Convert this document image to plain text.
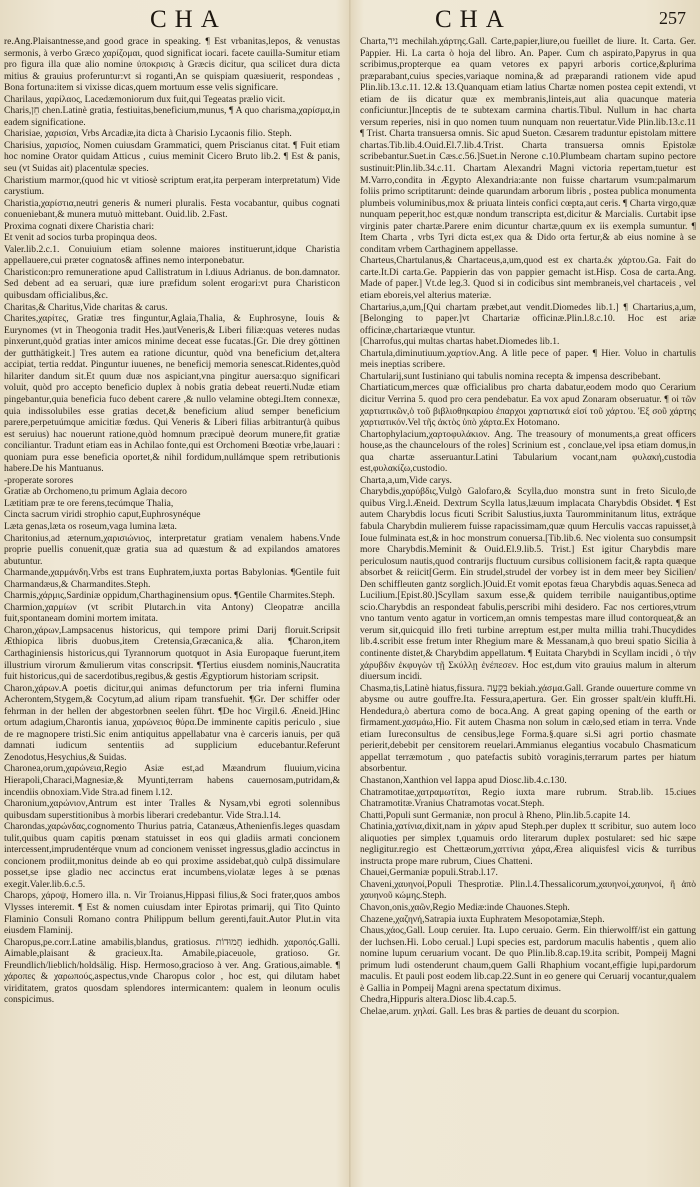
CHA	CHA	257

re.Ang.Plaisantnesse,and good grace in speaking. ¶ Est vrbanitas,lepos, & venustas sermonis, à verbo Græco χαρίζομαι, quod significat iocari. facete cauilla-Sumitur etiam pro figura illa quæ alio nomine ὑποκρισις à Græcis dicitur, qua scilicet dura dicta mitius & grauius proferuntur:vt si roganti,An se quispiam quæsiuerit, respondeas , Bona fortuna:item si vixisse dicas,quem mortuum esse velis significare.

Charilaus, χαρίλαος, Lacedæmoniorum dux fuit,qui Tegeatas prælio vicit.

Charis,חֵן chen.Latinè gratia, festiuitas,beneficium,munus, ¶ A quo charisma,χαρίσμα,in eadem significatione.

Charisiae, χαρισίαι, Vrbs Arcadiæ,ita dicta à Charisio Lycaonis filio. Steph.

Charisius, χαρισίος, Nomen cuiusdam Grammatici, quem Priscianus citat. ¶ Fuit etiam hoc nomine Orator quidam Atticus , cuius meminit Cicero Bruto lib.2. ¶ Est & panis, seu (vt Suidas ait) placentulæ species.

Charistium marmor,(quod hic vt vitiosè scriptum erat,ita perperam interpretatum) Vide carystium.

Charistia,χαρίστια,neutri generis & numeri pluralis. Festa vocabantur, quibus cognati conueniebant,& munera mutuò mittebant. Ouid.lib. 2.Fast.

Proxima cognati dixere Charistia chari:

Et venit ad socios turba propinqua deos.

Valer.lib.2.c.1. Conuiuium etiam solenne maiores instituerunt,idque Charistia appellauere,cui præter cognatos& affines nemo interponebatur.

Charisticon:pro remuneratione apud Callistratum in l.diuus Adrianus. de bon.damnator. Sed debent ad ea seruari, quæ iure præfidum solent erogari:vt pura Charisticon quibusdam officialibus,&c.

Charitas,& Charitus,Vide charitas & carus.

Charites,χαρίτες, Gratiæ tres finguntur,Aglaia,Thalia, & Euphrosyne, Iouis & Eurynomes (vt in Theogonia tradit Hes.)autVeneris,& Liberi filiæ:quas veteres nudas pinxerunt,quòd gratias inter amicos minime deceat esse fucatas.[Gr. Die drey göttinen der gutthätigkeit.] Tres autem ea ratione dicuntur, quòd vna beneficium det,altera accipiat, tertia reddat. Pinguntur iuuenes, ne beneficij memoria senescat.Ridentes,quòd hilariter dandum sit.Et quum duæ nos aspiciant,vna pingitur auersa:quo significari voluit, quòd pro accepto beneficio duplex à nobis gratia debeat reuerti.Nudæ etiam pingebantur,quia beneficia fuco debent carere ,& nullo velamine obtegi.Item connexæ, quia indissolubiles esse gratias decet,& beneficium aliud semper beneficium parere,perpetuúmque amicitiæ fœdus. Qui Veneris & Liberi filias arbitrantur(à quibus est seruius) hac nouerunt ratione,quòd homnum præcipuè deorum munere,fit gratiæ conciliantur. Tradunt etiam eas in Achilao fonte,qui est Orchomeni Bœotiæ vrbe,lauari : quoniam pura esse beneficia oportet,& nihil fordidum,nullámque spem retributionis habere.De his Mantuanus.

-properate sorores

Gratiæ ab Orchomeno,tu primum Aglaia decoro

Lætitiam præ te ore ferens,tecúmque Thalia,

Cincta sacrum viridi strophio caput,Euphrosynéque

Læta genas,læta os roseum,vaga lumina læta.

Charitonius,ad æternum,χαρισιώνιος, interpretatur gratiam venalem habens.Vnde proprie puellis conuenit,quæ gratia sua ad quæstum & ad expilandos amatores abutuntur.

Charmande,χαρμάνδη.Vrbs est trans Euphratem,iuxta portas Babylonias. ¶Gentile fuit Charmandæus,& Charmandites.Steph.

Charmis,χάρμις,Sardiniæ oppidum,Charthaginensium opus. ¶Gentile Charmites.Steph.

Charmion,χαρμίων (vt scribit Plutarch.in vita Antony) Cleopatræ ancilla fuit,spontaneam domini mortem imitata.

Charon,χάρων,Lampsacenus historicus, qui tempore primi Darij floruit.Scripsit Æthiopica libris duobus,item Cretensia,Græcanica,& alia. ¶Charon,item Carthaginiensis historicus,qui Tyrannorum quotquot in Asia Europaque fuerunt,item illustrium virorum &mulierum vitas conscripsit. ¶Tertius eiusdem nominis,Naucratita fuit historicus,qui de sacerdotibus,regibus,& gestis Ægyptiorum historiam scripsit.

Charon,χάρων.A poetis dicitur,qui animas defunctorum per tria inferni flumina Acherontem,Stygem,& Cocytum,ad alium ripam transfuehit. ¶Gr. Der schiffer oder fehrman in der hellen der abgestorbnen seelen führt. ¶De hoc Virgil.6. Æneid.]Hinc ortum adagium,Charontis ianua, χαρώνειος θύρα.De imminente capitis periculo , siue de re magnopere tristi.Sic enim antiquitus appellabatur vna è carceris ianuis, per quā damnati iudicum sententiis ad supplicium educebantur.Referunt Zenodotus,Hesychius,& Suidas.

Charonea,orum,χαρώνεια,Regio Asiæ est,ad Mæandrum fluuium,vicina Hierapoli,Characi,Magnesiæ,& Myunti,terram habens cauernosam,putridam,& incendiis obnoxiam.Vide Stra.ad finem l.12.

Charonium,χαρώνιον,Antrum est inter Tralles & Nysam,vbi egroti solennibus quibusdam superstitionibus à morbis liberari credebantur. Vide Stra.l.14.

Charondas,χαρώνδας,cognomento Thurius patria, Catanæus,Athenienfis.leges quasdam tulit,quibus quam capitis pœnam statuisset in eos qui gladiis armati concionem intercessent,imprudentérque vnum ad concionem venisset ingressus,gladio accinctus in concionem prodiit,monitus deinde ab eo qui proxime assidebat,quò culpā dissimulare posset,se ipse gladio nec accinctus erat incumbens,violatæ leges à se pœnas exegit.Valer.lib.6.c.5.

Charops, χάροψ, Homero illa. n. Vir Troianus,Hippasi filius,& Soci frater,quos ambos Vlysses interemit. ¶ Est & nomen cuiusdam inter Epirotas primarij, qui Tito Quinto Flaminio Consuli Romano contra Philippum bellum gerenti,fauit.Autor Plut.in vita eiusdem Flaminij.

Charopus,pe.corr.Latine amabilis,blandus, gratiosus. חֲמוּדוֹת iedhidh. χαροπός.Galli. Aimable,plaisant & gracieux.Ita. Amabile,piaceuole, gratioso. Gr. Freundlich/lieblich/holdsälig. Hisp. Hermoso,gracioso à ver. Ang. Gratious,aimable. ¶ χάροπες & χαρωπούς,aspectus,vnde Charopus color , hoc est, qui dilutam habet viriditatem, gratos quosdam splendores intermicantem: qualem in leonum oculis conspicimus.

Charta,ניר mechilah.χάρτης.Gall. Carte,papier,liure,ou fueillet de liure. It. Carta. Ger. Pappier. Hi. La carta ò hoja del libro. An. Paper. Cum ch aspirato,Papyrus in qua scribimus,propterque ea quam vetores ex papyri arboris cortice,&plurima præparabant,cuius species,variaque nomina,& ad præparandi rationem vide apud Plin.lib.13.c.11. 12.& 13.Quanquam etiam latius Chartæ nomen postea cepit extendi, vt etiam de iis dicatur quæ ex membranis,linteis,aut alia quacunque materia conficiuntur.]Inceptis de te subtexam carmina chartis.Tibul. Nullum in hac charta versum reperies, nisi in quo nomen tuum nunquam non reuertatur.Vide Plin.lib.13.c.11 ¶ Trist. Charta transuersa omnis. Sic apud Sueton. Cæsarem traduntur epistolam mittere chartas.Tib.lib.4.Ouid.El.7.lib.4.Trist. Charta transuersa omnis Epistolæ scribebantur.Suet.in Cæs.c.56.]Suet.in Nerone c.10.Plumbeam chartam supino pectore sustinuit:Plin.lib.34.c.11. Chartam Alexandri Magni victoria repertam,tuetur est M.Varro,condita in Ægypto Alexandria:ante non fuisse chartarum vsum:palmarum foliis primo scriptitarunt: deinde quarundam arborum libris , postea publica monumenta plumbeis voluminibus,mox & priuata linteis confici cœpta,aut ceris. ¶ Charta virgo,quæ nunquam peperit,hoc est,quæ nondum transcripta est,dicitur & Marcialis. Curtabit ipse virginis pater chartæ.Parere enim dicuntur chartæ,quum ex iis exempla sumuntur. ¶ Item Charta , vrbs Tyri dicta est,ex qua & Dido orta fertur,& ab eius nomine à se conditam vrbem Carthaginem appellasse.

Charteus,Chartulanus,& Chartaceus,a,um,quod est ex charta.ἐκ χάρτου.Ga. Fait do carte.It.Di carta.Ge. Pappierin das von pappier gemacht ist.Hisp. Cosa de carta.Ang. Made of paper.] Vt.de leg.3. Quod si in codicibus sint membraneis,vel chartaceis , vel etiam eboreis,vel alterius materiæ.

Chartarius,a,um,[Qui chartam præbet,aut vendit.Diomedes lib.1.] ¶ Chartarius,a,um,[Belonging to paper.]vt Chartariæ officinæ.Plin.l.8.c.10. Hoc est ariæ officinæ,chartariæque vtuntur.

[Charrofus,qui multas chartas habet.Diomedes lib.1.

Chartula,diminutiuum.χαρτίον.Ang. A litle pece of paper. ¶ Hier. Voluo in chartulis meis ineptias scribere.

Chartularij,sunt Iustiniano qui tabulis nomina recepta & impensa describebant.

Chartiaticum,merces quæ officialibus pro charta dabatur,eodem modo quo Cerarium dicitur Verrina 5. quod pro cera pendebatur. Ea vox apud Zonaram obseruatur. ¶ οἱ τῶν χαρτιατικῶν,ὁ τοῦ βιβλιοθηκαρίου ἐπαρχοι χαρτιατικά εἰσί τοῦ χάρτου. Ἐξ σοῦ χάρτης χαρτιατικόν.Vel τῆς ἀκτὸς ὑπὸ χάρτα.Ex Hotomano.

Chartophylacium,χαρτοφυλάκιον. Ang. The treasoury of monuments,a great officers house,as the chauncelours of the roles] Scrinium est , conclaue,vel ipsa etiam domus,in qua chartæ asseruantur.Latini Tabularium vocant,nam φυλακή,custodia est,φυλακίζω,custodio.

Charta,a,um,Vide carys.

Charybdis,χαρύβδις,Vulgò Galofaro,& Scylla,duo monstra sunt in freto Siculo,de quibus Virg.l.Æneid. Dextrum Scylla latus,læuum implacata Charybdis Obsidet. ¶ Est autem Charybdis locus ficuti Scribit Salustius,iuxta Tauromminitanum litus, extráque fabula Charybdin mulierem fuisse rapacissimam,quæ quum Herculis vaccas rapuisset,à Ioue fulminata est,& in hoc monstrum conuersa.[Tib.lib.6. Nec violenta suo consumpsit more Charybdis.Meminit & Ouid.El.9.lib.5. Trist.] Est igitur Charybdis mare periculosum nautis,quod contrarijs fluctuum cursibus collisionem facit,& rapta quæque absorbet & reiicit[Germ. Ein strudel,strudel der vorbey ist in dem meer bey Sicilien/ Den schiffleuten gantz sorglich.]Ouid.Et vomit epotas fæua Charybdis aquas.Seneca ad Lucilium.[Epist.80.]Scyllam saxum esse,& quidem terribile nauigantibus,optime scio.Charybdis an respondeat fabulis,perscribi mihi desidero. Fac nos certiores,vtrum vno tantum vento agatur in vorticem,an omnis tempestas mare illud contorqueat,& an verum sit,quicquid illo freti turbine arreptum est,per multa millia trahi.Thucydides lib.4.scribit esse fretum inter Rhegium mare & Messanam,à quo breui spatio Sicilia à continente distet,& Charybdim appellatum. ¶ Euitata Charybdi in Scyllam incidi , ὁ τὴν χάρυβδιν ἐκφυγὼν τῇ Σκύλλῃ ἐνέπεσεν. Hoc est,dum vito grauius malum in alterum diuersum incidi.

Chasma,tis,Latinè hiatus,fissura. בִּקְעָה bekiah.χάσμα.Gall. Grande ouuerture comme vn abysme ou autre gouffre.Ita. Fessura,apertura. Ger. Ein grosser spalt/ein klufft.Hi. Hendedura,ò abertura como de boca.Ang. A great gaping opening of the earth or firmament.χασμάω,Hio. Fit autem Chasma non solum in cælo,sed etiam in terra. Vnde etiam Iureconsultus de censibus,lege Forma.§.quare si.Si agri portio chasmate perierit,debebit per censitorem reuelari.Ammianus elegantius vocabulo Chasmaticum appellat terræmotum , quo patefactis subitò voraginis,terrarum partes per hiatum absorbentur.

Chastanon,Xanthion vel Iappa apud Diosc.lib.4.c.130.

Chatramotitae,χατραμωτίται, Regio iuxta mare rubrum. Strab.lib. 15.ciues Chatramotitæ.Vranius Chatramotas vocat.Steph.

Chatti,Populi sunt Germaniæ, non procul à Rheno, Plin.lib.5.capite 14.

Chatinia,χατίνια,dixit,nam in χάριν apud Steph.per duplex tt scribitur, suo autem loco aliquoties per simplex t,quamuis ordo literarum duplex postularet: sed hic sæpe negligitur.regio est Chettæorum,χαττίνια χάρα,Ærea aliquisfesl vicis & turribus instructa prope mare rubrum, Ciues Chatteni.

Chauei,Germaniæ populi.Strab.l.17.

Chaveni,χαυηνοί,Populi Thesprotiæ. Plin.l.4.Thessalicorum,χαυηνοί,χαυηνοί, ἢ ἀπὸ χαυηνοῦ κώμης.Steph.

Chavon,onis,χαῶν,Regio Mediæ:inde Chauones.Steph.

Chazene,χαζηνή,Satrapia iuxta Euphratem Mesopotamiæ,Steph.

Chaus,χάος,Gall. Loup ceruier. Ita. Lupo ceruaio. Germ. Ein thierwolff/ist ein gattung der luchsen.Hi. Lobo cerual.] Lupi species est, pardorum maculis habentis , quem alio nomine lupum ceruarium vocant. De quo Plin.lib.8.cap.19.ita scribit, Pompeij Magni primum ludi ostenderunt chaum,quem Galli Rhaphium vocant,effigie lupi,pardorum maculis. Et pauli post eodem lib.cap.22.Sunt in eo genere qui Ceruarij vocantur,qualem è Gallia in Pompeij Magni arena spectatum diximus.

Chedra,Hippuris altera.Diosc lib.4.cap.5.

Chelae,arum. χηλαί. Gall. Les bras & parties de deuant du scorpion.
